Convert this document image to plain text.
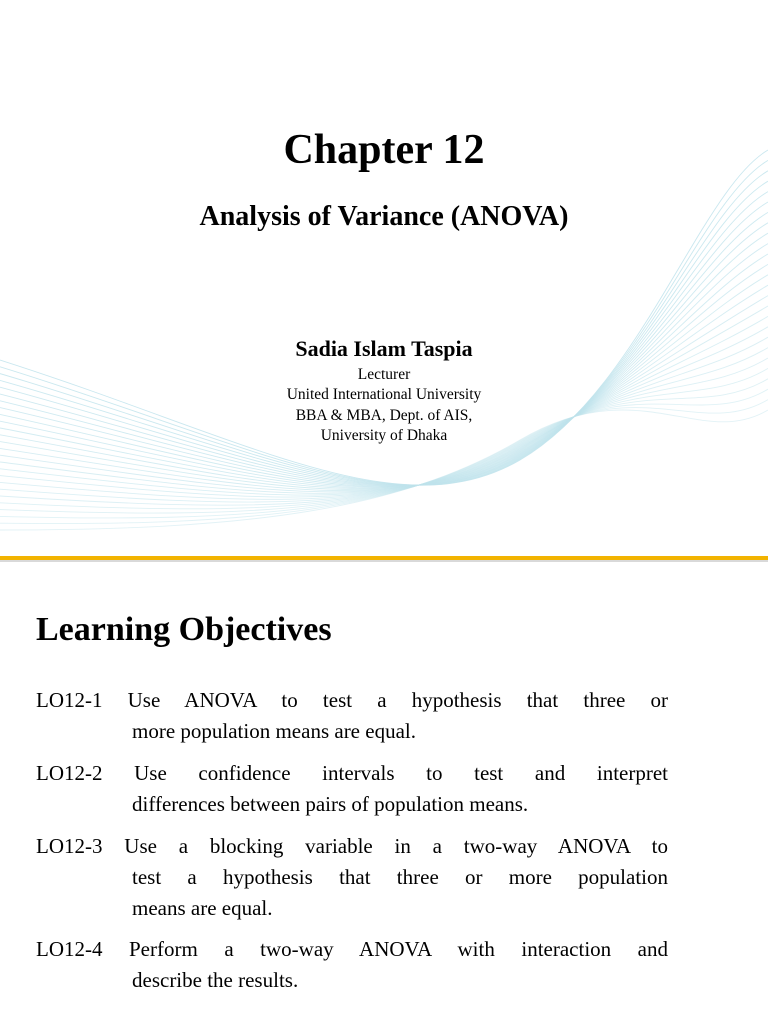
Chapter 12
Analysis of Variance (ANOVA)
Sadia Islam Taspia
Lecturer
United International University
BBA & MBA, Dept. of AIS,
University of Dhaka
Learning Objectives
LO12-1 Use ANOVA to test a hypothesis that three or
more population means are equal.
LO12-2 Use confidence intervals to test and interpret
differences between pairs of population means.
LO12-3 Use a blocking variable in a two-way ANOVA to
test a hypothesis that three or more population
means are equal.
LO12-4 Perform a two-way ANOVA with interaction and
describe the results.
